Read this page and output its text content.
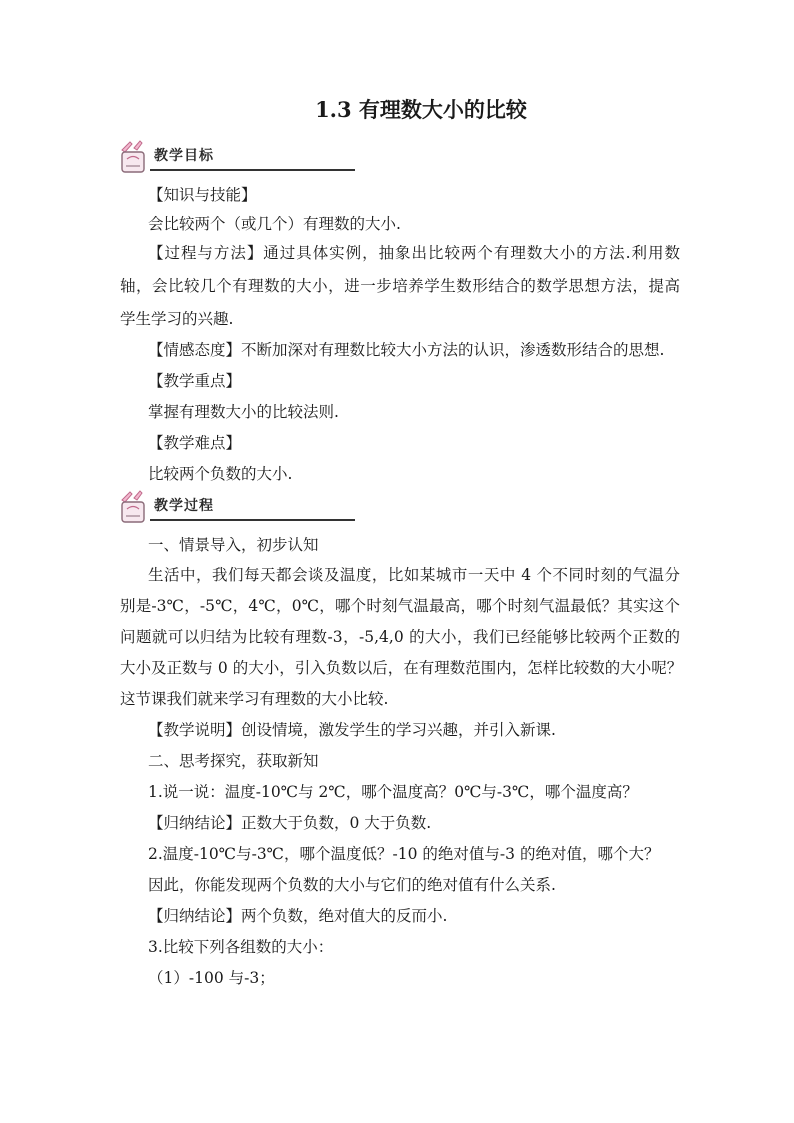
1.3 有理数大小的比较
教学目标
【知识与技能】
会比较两个（或几个）有理数的大小.
【过程与方法】通过具体实例，抽象出比较两个有理数大小的方法.利用数
轴，会比较几个有理数的大小，进一步培养学生数形结合的数学思想方法，提高
学生学习的兴趣.
【情感态度】不断加深对有理数比较大小方法的认识，渗透数形结合的思想.
【教学重点】
掌握有理数大小的比较法则.
【教学难点】
比较两个负数的大小.
教学过程
一、情景导入，初步认知
生活中，我们每天都会谈及温度，比如某城市一天中 4 个不同时刻的气温分
别是-3℃，-5℃，4℃，0℃，哪个时刻气温最高，哪个时刻气温最低？其实这个
问题就可以归结为比较有理数-3，-5,4,0 的大小，我们已经能够比较两个正数的
大小及正数与 0 的大小，引入负数以后，在有理数范围内，怎样比较数的大小呢？
这节课我们就来学习有理数的大小比较.
【教学说明】创设情境，激发学生的学习兴趣，并引入新课.
二、思考探究，获取新知
1.说一说：温度-10℃与 2℃，哪个温度高？0℃与-3℃，哪个温度高？
【归纳结论】正数大于负数，0 大于负数.
2.温度-10℃与-3℃，哪个温度低？-10 的绝对值与-3 的绝对值，哪个大？
因此，你能发现两个负数的大小与它们的绝对值有什么关系.
【归纳结论】两个负数，绝对值大的反而小.
3.比较下列各组数的大小：
（1）-100 与-3；
